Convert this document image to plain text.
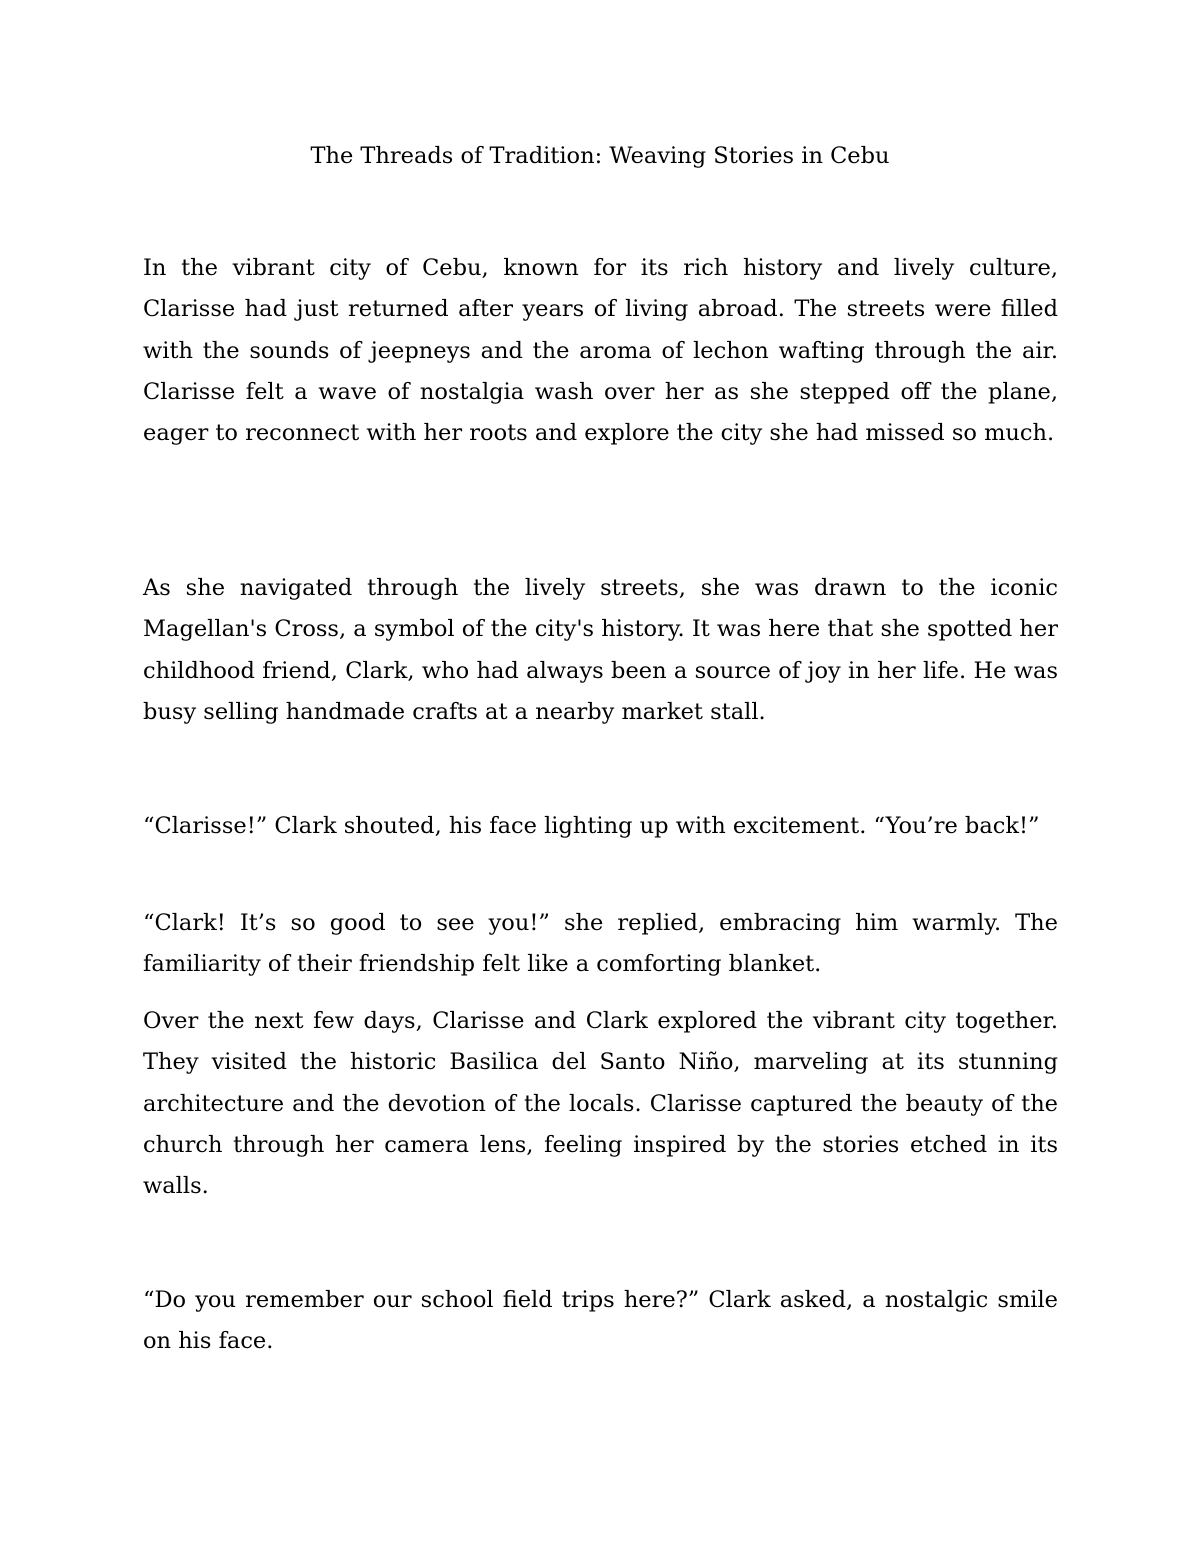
The Threads of Tradition: Weaving Stories in Cebu

In the vibrant city of Cebu, known for its rich history and lively culture, Clarisse had just returned after years of living abroad. The streets were filled with the sounds of jeepneys and the aroma of lechon wafting through the air. Clarisse felt a wave of nostalgia wash over her as she stepped off the plane, eager to reconnect with her roots and explore the city she had missed so much.

As she navigated through the lively streets, she was drawn to the iconic Magellan's Cross, a symbol of the city's history. It was here that she spotted her childhood friend, Clark, who had always been a source of joy in her life. He was busy selling handmade crafts at a nearby market stall.

“Clarisse!” Clark shouted, his face lighting up with excitement. “You’re back!”

“Clark! It’s so good to see you!” she replied, embracing him warmly. The familiarity of their friendship felt like a comforting blanket.

Over the next few days, Clarisse and Clark explored the vibrant city together. They visited the historic Basilica del Santo Niño, marveling at its stunning architecture and the devotion of the locals. Clarisse captured the beauty of the church through her camera lens, feeling inspired by the stories etched in its walls.

“Do you remember our school field trips here?” Clark asked, a nostalgic smile on his face.
